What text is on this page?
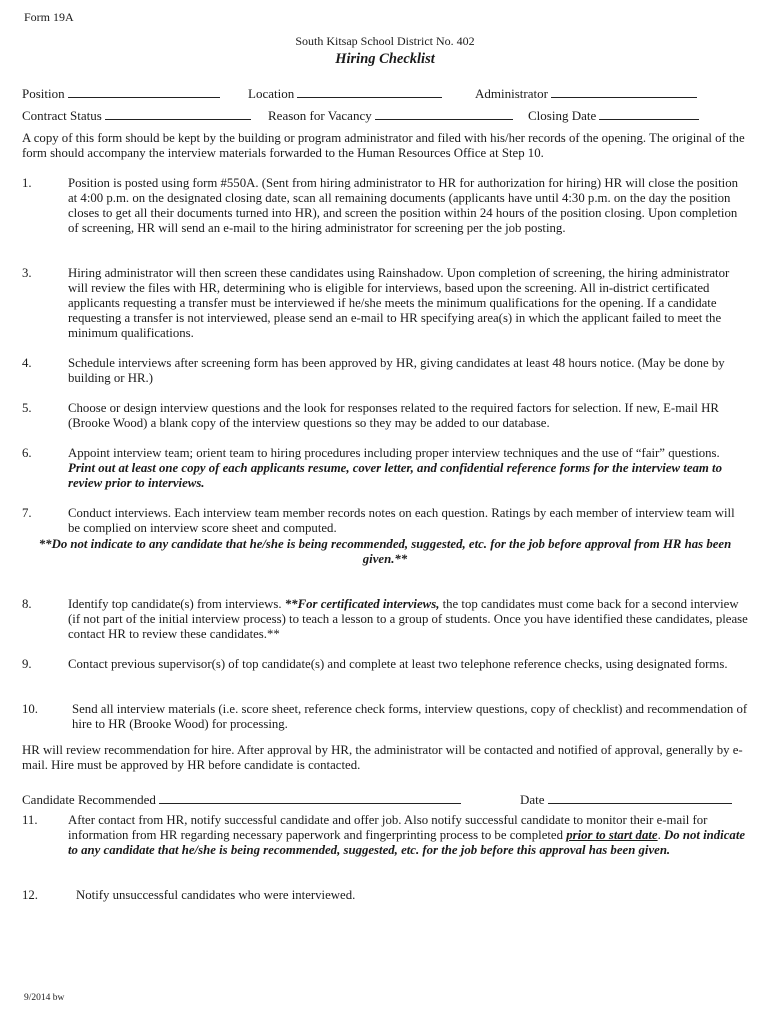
Form 19A
South Kitsap School District No. 402
Hiring Checklist
Position	Location	Administrator
Contract Status	Reason for Vacancy	Closing Date
A copy of this form should be kept by the building or program administrator and filed with his/her records of the opening. The original of the form should accompany the interview materials forwarded to the Human Resources Office at Step 10.
1.	Position is posted using form #550A. (Sent from hiring administrator to HR for authorization for hiring) HR will close the position at 4:00 p.m. on the designated closing date, scan all remaining documents (applicants have until 4:30 p.m. on the day the position closes to get all their documents turned into HR), and screen the position within 24 hours of the position closing. Upon completion of screening, HR will send an e-mail to the hiring administrator for screening per the job posting.
3.	Hiring administrator will then screen these candidates using Rainshadow. Upon completion of screening, the hiring administrator will review the files with HR, determining who is eligible for interviews, based upon the screening. All in-district certificated applicants requesting a transfer must be interviewed if he/she meets the minimum qualifications for the opening. If a candidate requesting a transfer is not interviewed, please send an e-mail to HR specifying area(s) in which the applicant failed to meet the minimum qualifications.
4.	Schedule interviews after screening form has been approved by HR, giving candidates at least 48 hours notice. (May be done by building or HR.)
5.	Choose or design interview questions and the look for responses related to the required factors for selection. If new, E-mail HR (Brooke Wood) a blank copy of the interview questions so they may be added to our database.
6.	Appoint interview team; orient team to hiring procedures including proper interview techniques and the use of “fair” questions. Print out at least one copy of each applicants resume, cover letter, and confidential reference forms for the interview team to review prior to interviews.
7.	Conduct interviews. Each interview team member records notes on each question. Ratings by each member of interview team will be complied on interview score sheet and computed.
**Do not indicate to any candidate that he/she is being recommended, suggested, etc. for the job before approval from HR has been given.**
8.	Identify top candidate(s) from interviews. **For certificated interviews, the top candidates must come back for a second interview (if not part of the initial interview process) to teach a lesson to a group of students. Once you have identified these candidates, please contact HR to review these candidates.**
9.	Contact previous supervisor(s) of top candidate(s) and complete at least two telephone reference checks, using designated forms.
10.	Send all interview materials (i.e. score sheet, reference check forms, interview questions, copy of checklist) and recommendation of hire to HR (Brooke Wood) for processing.
HR will review recommendation for hire. After approval by HR, the administrator will be contacted and notified of approval, generally by e-mail. Hire must be approved by HR before candidate is contacted.
Candidate Recommended	Date
11.	After contact from HR, notify successful candidate and offer job. Also notify successful candidate to monitor their e-mail for information from HR regarding necessary paperwork and fingerprinting process to be completed prior to start date. Do not indicate to any candidate that he/she is being recommended, suggested, etc. for the job before this approval has been given.
12.	Notify unsuccessful candidates who were interviewed.
9/2014 bw
